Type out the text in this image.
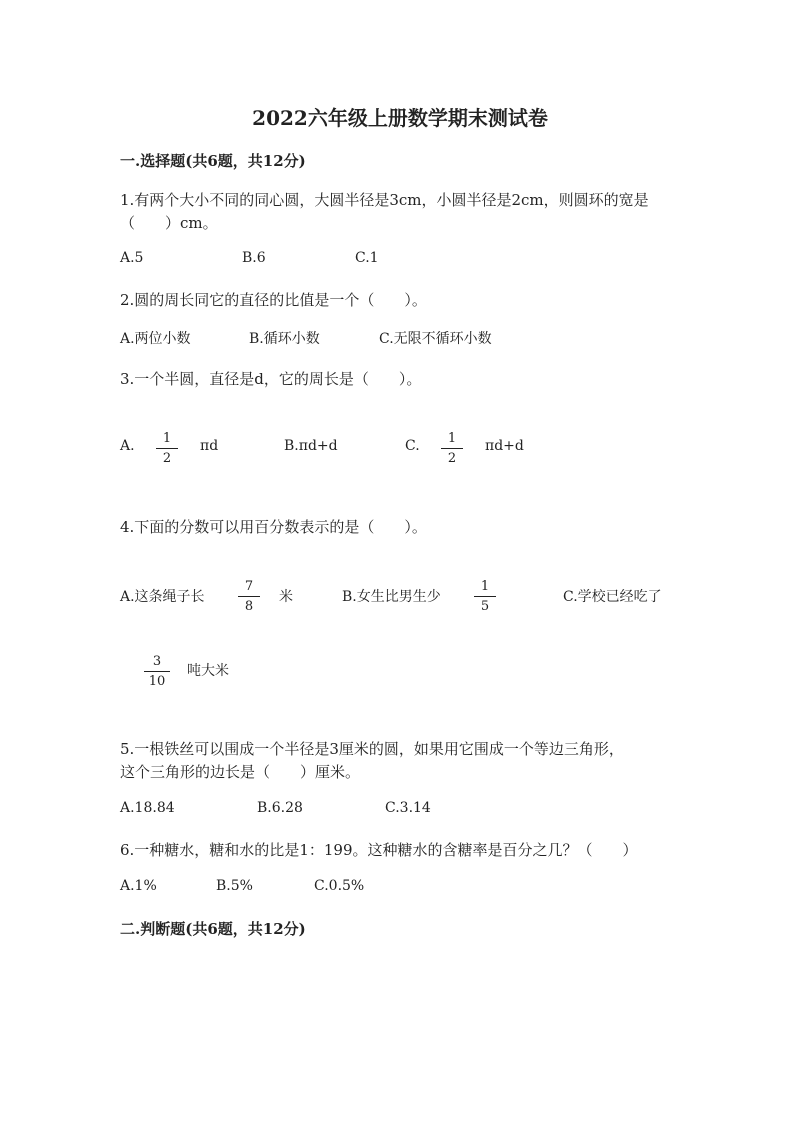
2022六年级上册数学期末测试卷
一.选择题(共6题，共12分)
1.有两个大小不同的同心圆，大圆半径是3cm，小圆半径是2cm，则圆环的宽是
（　　）cm。
A.5	B.6	C.1
2.圆的周长同它的直径的比值是一个（　　）。
A.两位小数	B.循环小数	C.无限不循环小数
3.一个半圆，直径是d，它的周长是（　　）。
A.	1
2
πd	B.πd+d	C.	1
2
πd+d
4.下面的分数可以用百分数表示的是（　　）。
A.这条绳子长
7
8
米	B.女生比男生少
1
5
C.学校已经吃了
3
10
吨大米
5.一根铁丝可以围成一个半径是3厘米的圆，如果用它围成一个等边三角形，
这个三角形的边长是（　　）厘米。
A.18.84	B.6.28	C.3.14
6.一种糖水，糖和水的比是1：199。这种糖水的含糖率是百分之几？（　　）
A.1%	B.5%	C.0.5%
二.判断题(共6题，共12分)
